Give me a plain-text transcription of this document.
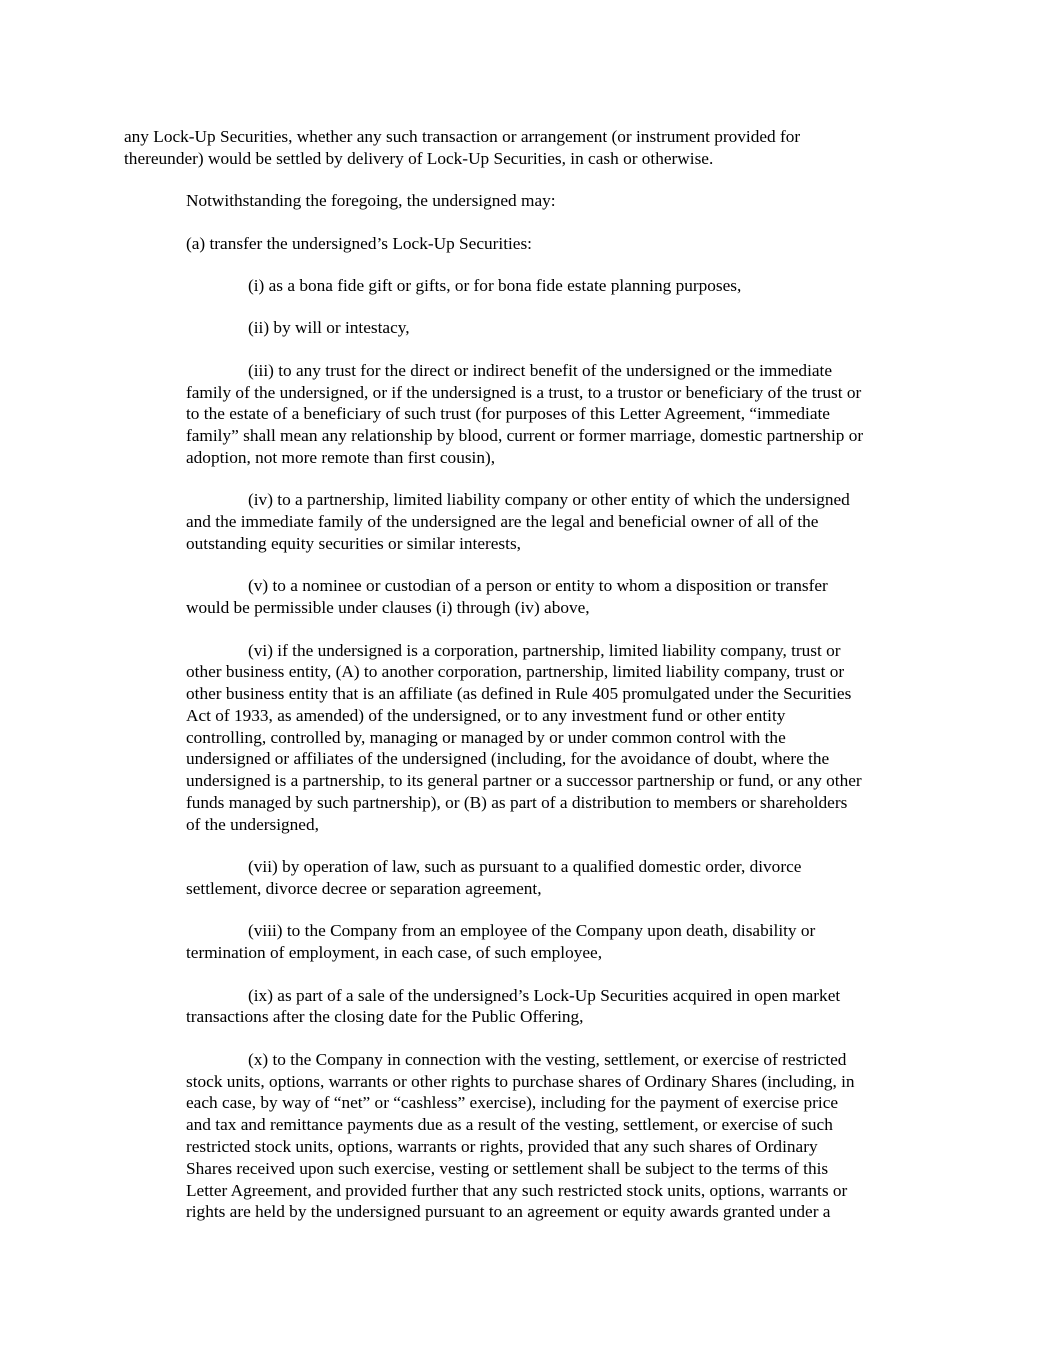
any Lock-Up Securities, whether any such transaction or arrangement (or instrument provided for
thereunder) would be settled by delivery of Lock-Up Securities, in cash or otherwise.

Notwithstanding the foregoing, the undersigned may:

(a) transfer the undersigned’s Lock-Up Securities:

(i) as a bona fide gift or gifts, or for bona fide estate planning purposes,

(ii) by will or intestacy,

(iii) to any trust for the direct or indirect benefit of the undersigned or the immediate
family of the undersigned, or if the undersigned is a trust, to a trustor or beneficiary of the trust or
to the estate of a beneficiary of such trust (for purposes of this Letter Agreement, “immediate
family” shall mean any relationship by blood, current or former marriage, domestic partnership or
adoption, not more remote than first cousin),

(iv) to a partnership, limited liability company or other entity of which the undersigned
and the immediate family of the undersigned are the legal and beneficial owner of all of the
outstanding equity securities or similar interests,

(v) to a nominee or custodian of a person or entity to whom a disposition or transfer
would be permissible under clauses (i) through (iv) above,

(vi) if the undersigned is a corporation, partnership, limited liability company, trust or
other business entity, (A) to another corporation, partnership, limited liability company, trust or
other business entity that is an affiliate (as defined in Rule 405 promulgated under the Securities
Act of 1933, as amended) of the undersigned, or to any investment fund or other entity
controlling, controlled by, managing or managed by or under common control with the
undersigned or affiliates of the undersigned (including, for the avoidance of doubt, where the
undersigned is a partnership, to its general partner or a successor partnership or fund, or any other
funds managed by such partnership), or (B) as part of a distribution to members or shareholders
of the undersigned,

(vii) by operation of law, such as pursuant to a qualified domestic order, divorce
settlement, divorce decree or separation agreement,

(viii) to the Company from an employee of the Company upon death, disability or
termination of employment, in each case, of such employee,

(ix) as part of a sale of the undersigned’s Lock-Up Securities acquired in open market
transactions after the closing date for the Public Offering,

(x) to the Company in connection with the vesting, settlement, or exercise of restricted
stock units, options, warrants or other rights to purchase shares of Ordinary Shares (including, in
each case, by way of “net” or “cashless” exercise), including for the payment of exercise price
and tax and remittance payments due as a result of the vesting, settlement, or exercise of such
restricted stock units, options, warrants or rights, provided that any such shares of Ordinary
Shares received upon such exercise, vesting or settlement shall be subject to the terms of this
Letter Agreement, and provided further that any such restricted stock units, options, warrants or
rights are held by the undersigned pursuant to an agreement or equity awards granted under a
